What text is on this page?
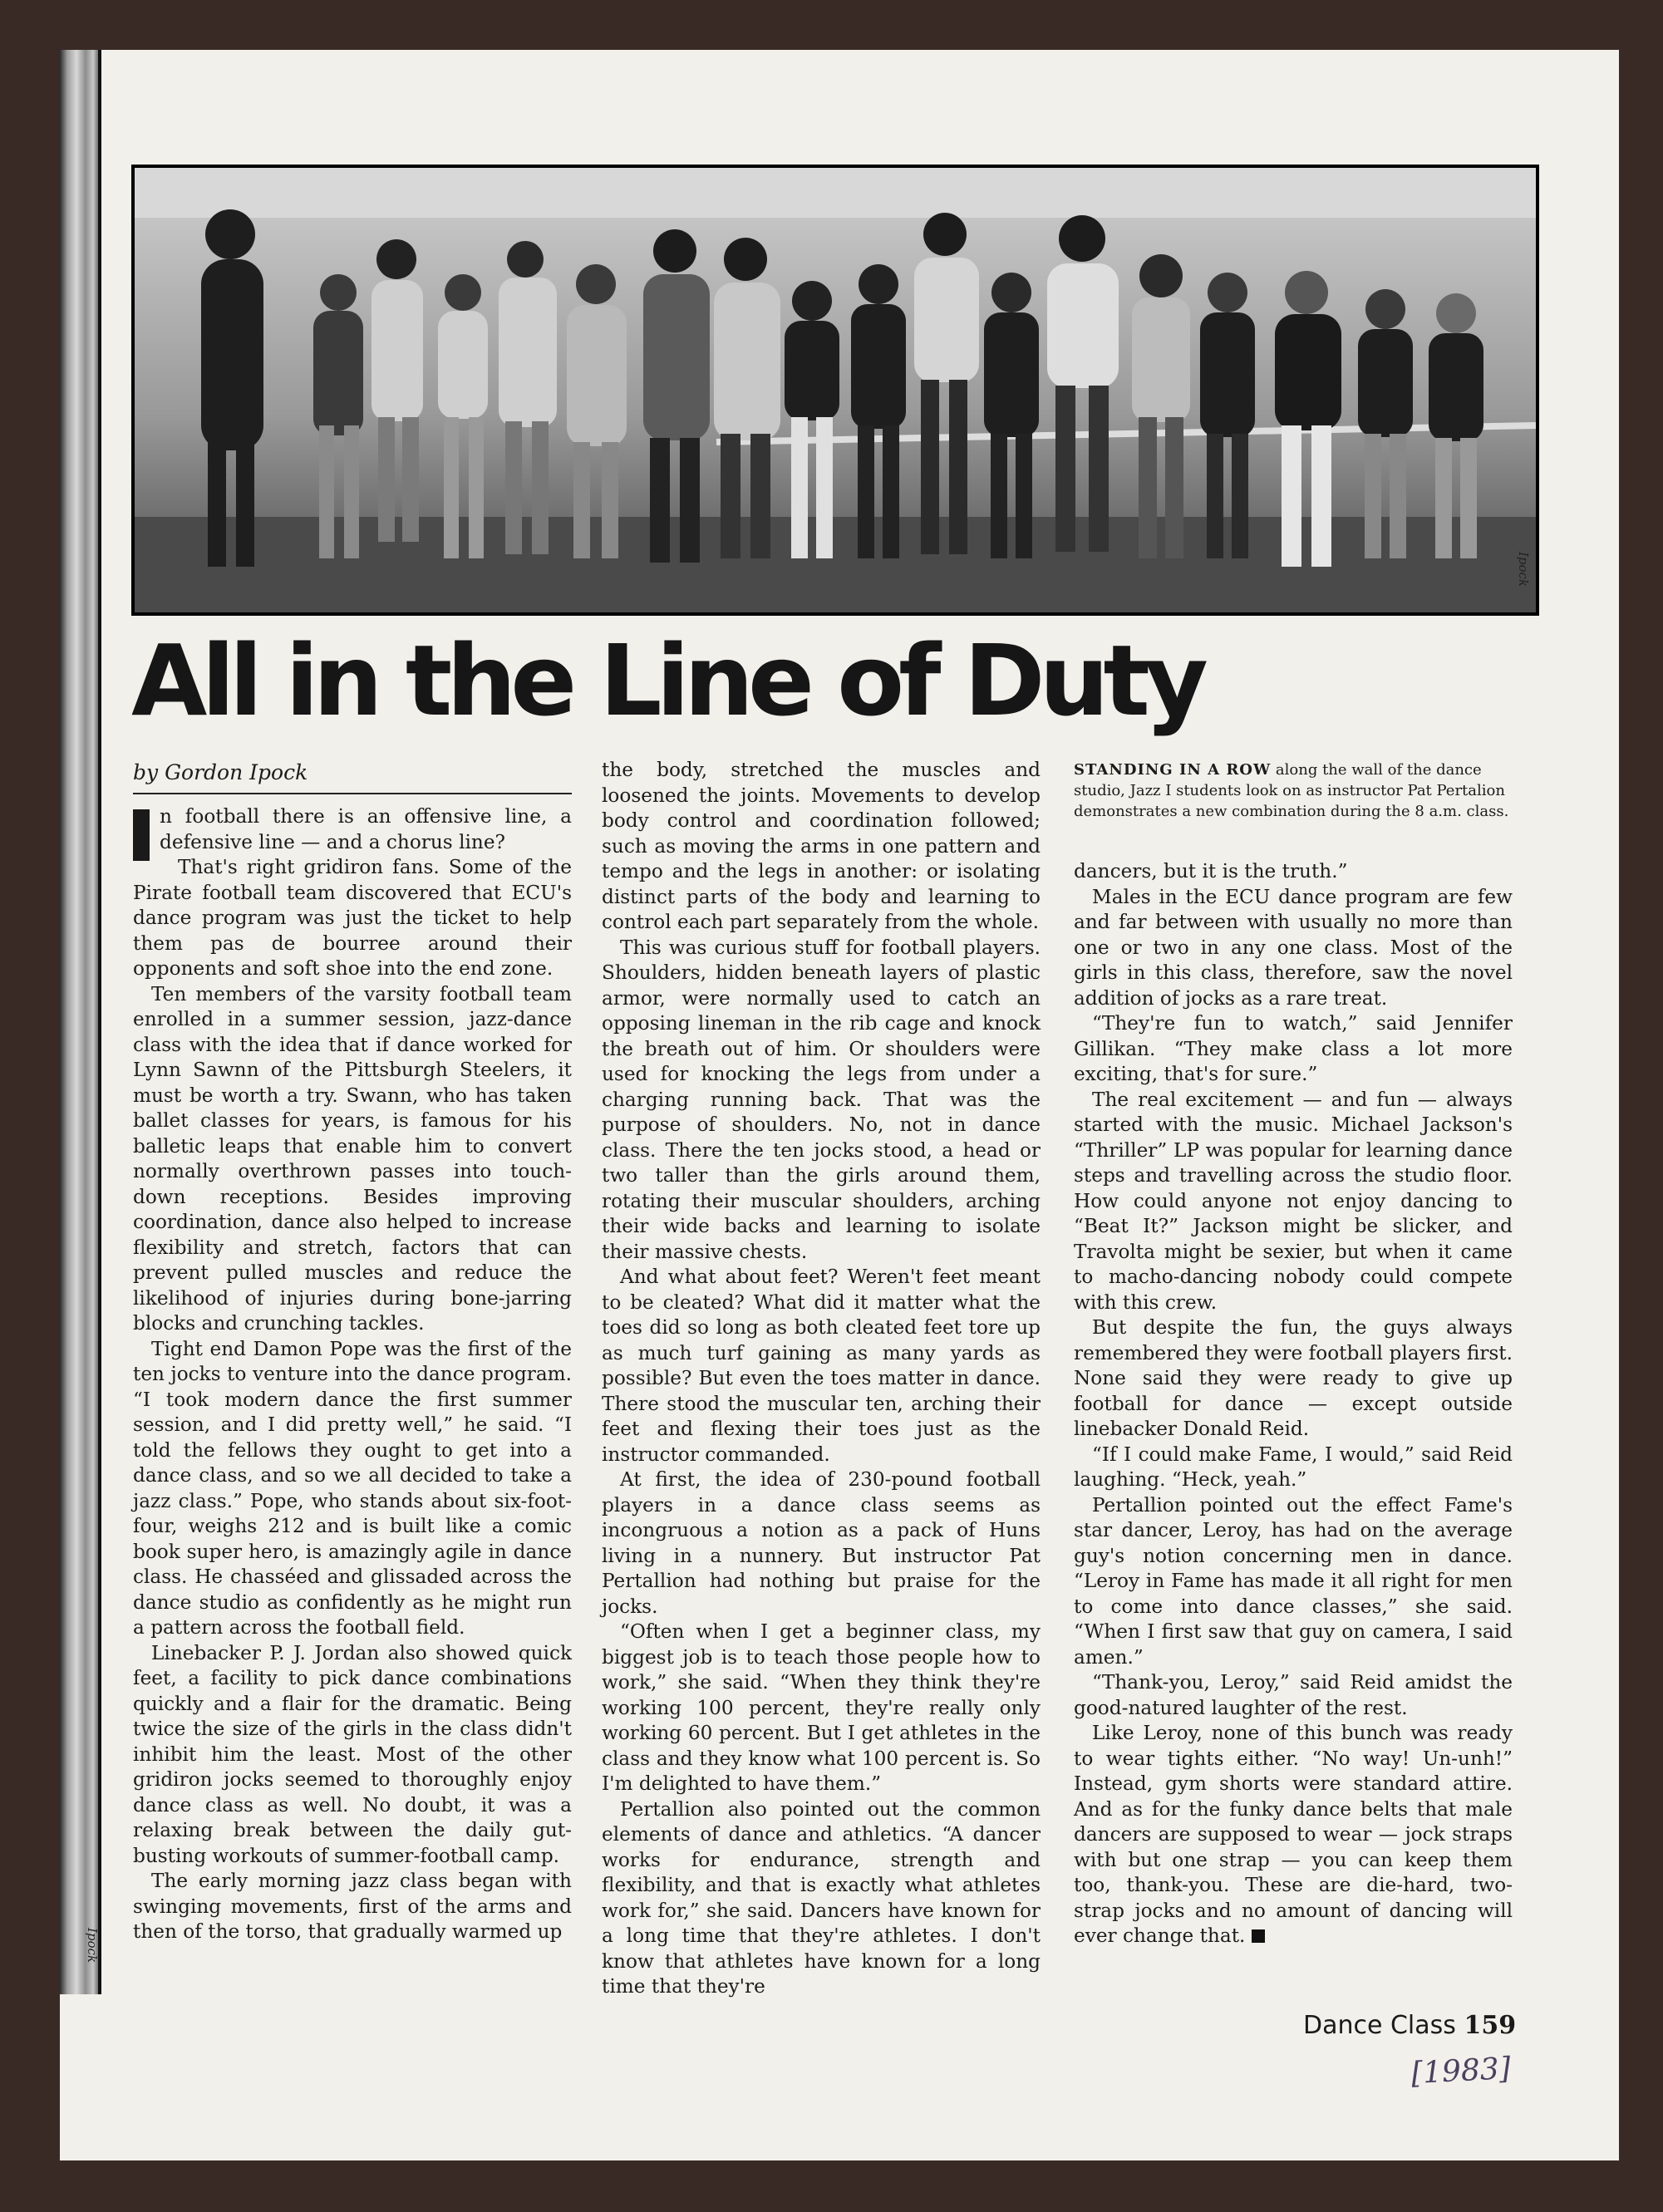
Ipock
Ipock
All in the Line of Duty
by Gordon Ipock

n football there is an offensive line, a defensive line — and a chorus line?

That's right gridiron fans. Some of the Pirate football team discovered that ECU's dance program was just the ticket to help them pas de bourree around their opponents and soft shoe into the end zone.

Ten members of the varsity football team enrolled in a summer session, jazz-dance class with the idea that if dance worked for Lynn Sawnn of the Pittsburgh Steelers, it must be worth a try. Swann, who has taken ballet classes for years, is famous for his balletic leaps that enable him to convert normally overthrown passes into touch-down receptions. Besides improving coordination, dance also helped to increase flexibility and stretch, factors that can prevent pulled muscles and reduce the likelihood of injuries during bone-jarring blocks and crunching tackles.

Tight end Damon Pope was the first of the ten jocks to venture into the dance program. “I took modern dance the first summer session, and I did pretty well,” he said. “I told the fellows they ought to get into a dance class, and so we all decided to take a jazz class.” Pope, who stands about six-foot-four, weighs 212 and is built like a comic book super hero, is amazingly agile in dance class. He chasséed and glissaded across the dance studio as confidently as he might run a pattern across the football field.

Linebacker P. J. Jordan also showed quick feet, a facility to pick dance combinations quickly and a flair for the dramatic. Being twice the size of the girls in the class didn't inhibit him the least. Most of the other gridiron jocks seemed to thoroughly enjoy dance class as well. No doubt, it was a relaxing break between the daily gut-busting workouts of summer-football camp.

The early morning jazz class began with swinging movements, first of the arms and then of the torso, that gradually warmed up

the body, stretched the muscles and loosened the joints. Movements to develop body control and coordination followed; such as moving the arms in one pattern and tempo and the legs in another: or isolating distinct parts of the body and learning to control each part separately from the whole.

This was curious stuff for football players. Shoulders, hidden beneath layers of plastic armor, were normally used to catch an opposing lineman in the rib cage and knock the breath out of him. Or shoulders were used for knocking the legs from under a charging running back. That was the purpose of shoulders. No, not in dance class. There the ten jocks stood, a head or two taller than the girls around them, rotating their muscular shoulders, arching their wide backs and learning to isolate their massive chests.

And what about feet? Weren't feet meant to be cleated? What did it matter what the toes did so long as both cleated feet tore up as much turf gaining as many yards as possible? But even the toes matter in dance. There stood the muscular ten, arching their feet and flexing their toes just as the instructor commanded.

At first, the idea of 230-pound football players in a dance class seems as incongruous a notion as a pack of Huns living in a nunnery. But instructor Pat Pertallion had nothing but praise for the jocks.

“Often when I get a beginner class, my biggest job is to teach those people how to work,” she said. “When they think they're working 100 percent, they're really only working 60 percent. But I get athletes in the class and they know what 100 percent is. So I'm delighted to have them.”

Pertallion also pointed out the common elements of dance and athletics. “A dancer works for endurance, strength and flexibility, and that is exactly what athletes work for,” she said. Dancers have known for a long time that they're athletes. I don't know that athletes have known for a long time that they're

STANDING IN A ROW along the wall of the dance studio, Jazz I students look on as instructor Pat Pertalion demonstrates a new combination during the 8 a.m. class.

dancers, but it is the truth.”

Males in the ECU dance program are few and far between with usually no more than one or two in any one class. Most of the girls in this class, therefore, saw the novel addition of jocks as a rare treat.

“They're fun to watch,” said Jennifer Gillikan. “They make class a lot more exciting, that's for sure.”

The real excitement — and fun — always started with the music. Michael Jackson's “Thriller” LP was popular for learning dance steps and travelling across the studio floor. How could anyone not enjoy dancing to “Beat It?” Jackson might be slicker, and Travolta might be sexier, but when it came to macho-dancing nobody could compete with this crew.

But despite the fun, the guys always remembered they were football players first. None said they were ready to give up football for dance — except outside linebacker Donald Reid.

“If I could make Fame, I would,” said Reid laughing. “Heck, yeah.”

Pertallion pointed out the effect Fame's star dancer, Leroy, has had on the average guy's notion concerning men in dance. “Leroy in Fame has made it all right for men to come into dance classes,” she said. “When I first saw that guy on camera, I said amen.”

“Thank-you, Leroy,” said Reid amidst the good-natured laughter of the rest.

Like Leroy, none of this bunch was ready to wear tights either. “No way! Un-unh!” Instead, gym shorts were standard attire. And as for the funky dance belts that male dancers are supposed to wear — jock straps with but one strap — you can keep them too, thank-you. These are die-hard, two-strap jocks and no amount of dancing will ever change that.

Dance Class 159
[1983]
